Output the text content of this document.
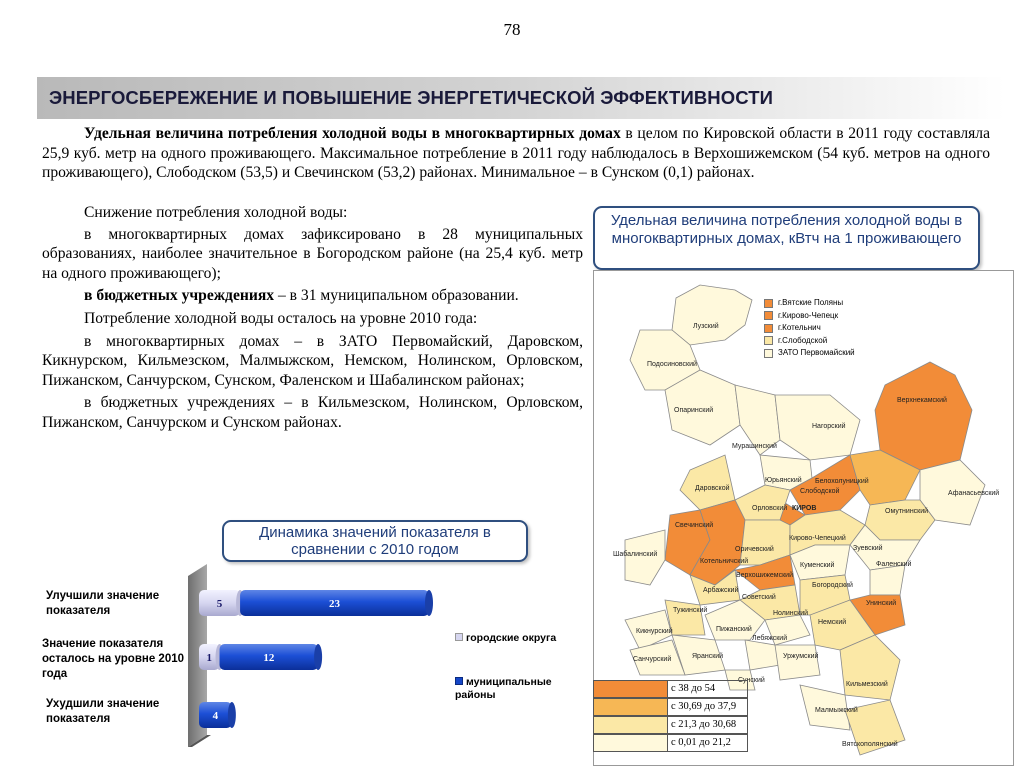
78
ЭНЕРГОСБЕРЕЖЕНИЕ И ПОВЫШЕНИЕ ЭНЕРГЕТИЧЕСКОЙ ЭФФЕКТИВНОСТИ
Удельная величина потребления холодной воды в многоквартирных домах в целом по Кировской области в 2011 году составляла 25,9 куб. метр на одного проживающего. Максимальное потребление в 2011 году наблюдалось в Верхошижемском (54 куб. метров на одного проживающего), Слободском (53,5) и Свечинском (53,2) районах. Минимальное – в Сунском (0,1) районах.
Снижение потребления холодной воды:
в многоквартирных домах зафиксировано в 28 муниципальных образованиях, наиболее значительное в Богородском районе (на 25,4 куб. метр на одного проживающего);
в бюджетных учреждениях – в 31 муниципальном образовании.
Потребление холодной воды осталось на уровне 2010 года:
в многоквартирных домах – в ЗАТО Первомайский, Даровском, Кикнурском, Кильмезском, Малмыжском, Немском, Нолинском, Орловском, Пижанском, Санчурском, Сунском, Фаленском и Шабалинском районах;
в бюджетных учреждениях – в Кильмезском, Нолинском, Орловском, Пижанском, Санчурском и Сунском районах.
Удельная величина потребления холодной воды в многоквартирных домах, кВтч на 1 проживающего
Динамика значений показателя в сравнении с 2010 годом
Улучшили значение показателя
Значение показателя осталось на уровне 2010 года
Ухудшили значение показателя
5	23
1	12
4
городские округа
муниципальные районы
Лузский
Подосиновский
Опаринский
Мурашинский
Нагорский
Верхнекамский
Юрьянский
Даровской	Слободской
Белохолуницкий
Афанасьевский
Омутнинский
КИРОВ
Орловский
Свечинский
Котельничский
Оричевский
Кирово-Чепецкий
Зуевский
Шабалинский
Верхошижемский
Арбажский
Куменский	Фаленский
Тужинский
Советский
Нолинский
Богородский
Унинский
Кикнурский	Пижанский
Немский
Яранский
Лебяжский
Санчурский	Уржумский
Сунский
Кильмезский
Малмыжский
Вятскополянский
г.Вятские Поляны
г.Кирово-Чепецк
г.Котельнич
г.Слободской
ЗАТО Первомайский
с 38 до 54
с 30,69 до 37,9
с 21,3 до 30,68
с 0,01 до 21,2
